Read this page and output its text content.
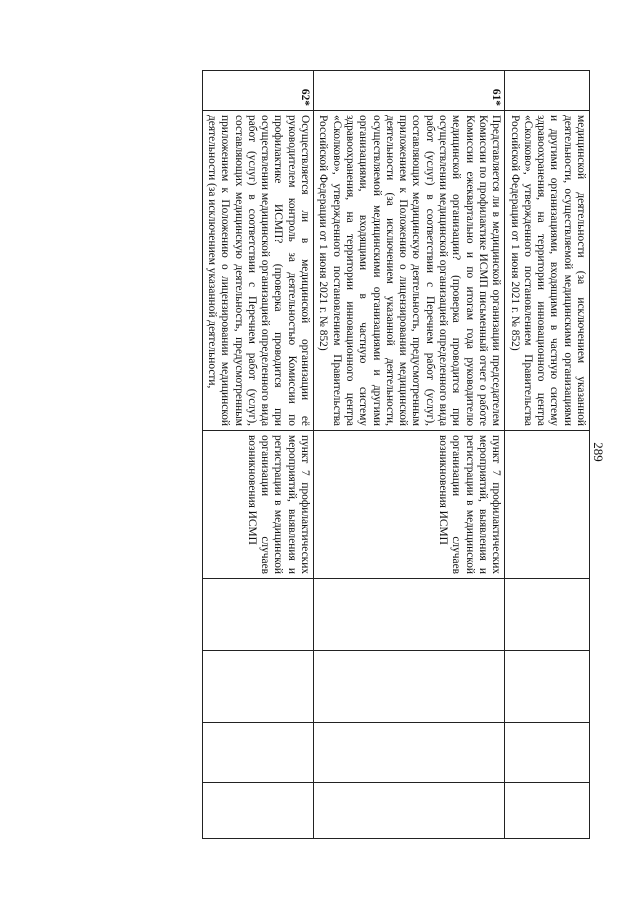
289
	медицинской деятельности (за исключением указанной деятельности, осуществляемой медицинскими организациями и другими организациями, входящими в частную систему здравоохранения, на территории инновационного центра «Сколково», утвержденного постановлением Правительства Российской Федерации от 1 июня 2021 г. № 852)					
61*	Представляется ли в медицинской организации председателем Комиссии по профилактике ИСМП письменный отчет о работе Комиссии ежеквартально и по итогам года руководителю медицинской организации? (проверка проводится при осуществлении медицинской организацией определенного вида работ (услуг) в соответствии с Перечнем работ (услуг), составляющих медицинскую деятельность, предусмотренным приложением к Положению о лицензировании медицинской деятельности (за исключением указанной деятельности, осуществляемой медицинскими организациями и другими организациями, входящими в частную систему здравоохранения, на территории инновационного центра «Сколково», утвержденного постановлением Правительства Российской Федерации от 1 июня 2021 г. № 852)	пункт 7 профилактических мероприятий, выявления и регистрации в медицинской организации случаев возникновения ИСМП				
62*	Осуществляется ли в медицинской организации её руководителем контроль за деятельностью Комиссии по профилактике ИСМП? (проверка проводится при осуществлении медицинской организацией определенного вида работ (услуг) в соответствии с Перечнем работ (услуг), составляющих медицинскую деятельность, предусмотренным приложением к Положению о лицензировании медицинской деятельности (за исключением указанной деятельности,	пункт 7 профилактических мероприятий, выявления и регистрации в медицинской организации случаев возникновения ИСМП				
